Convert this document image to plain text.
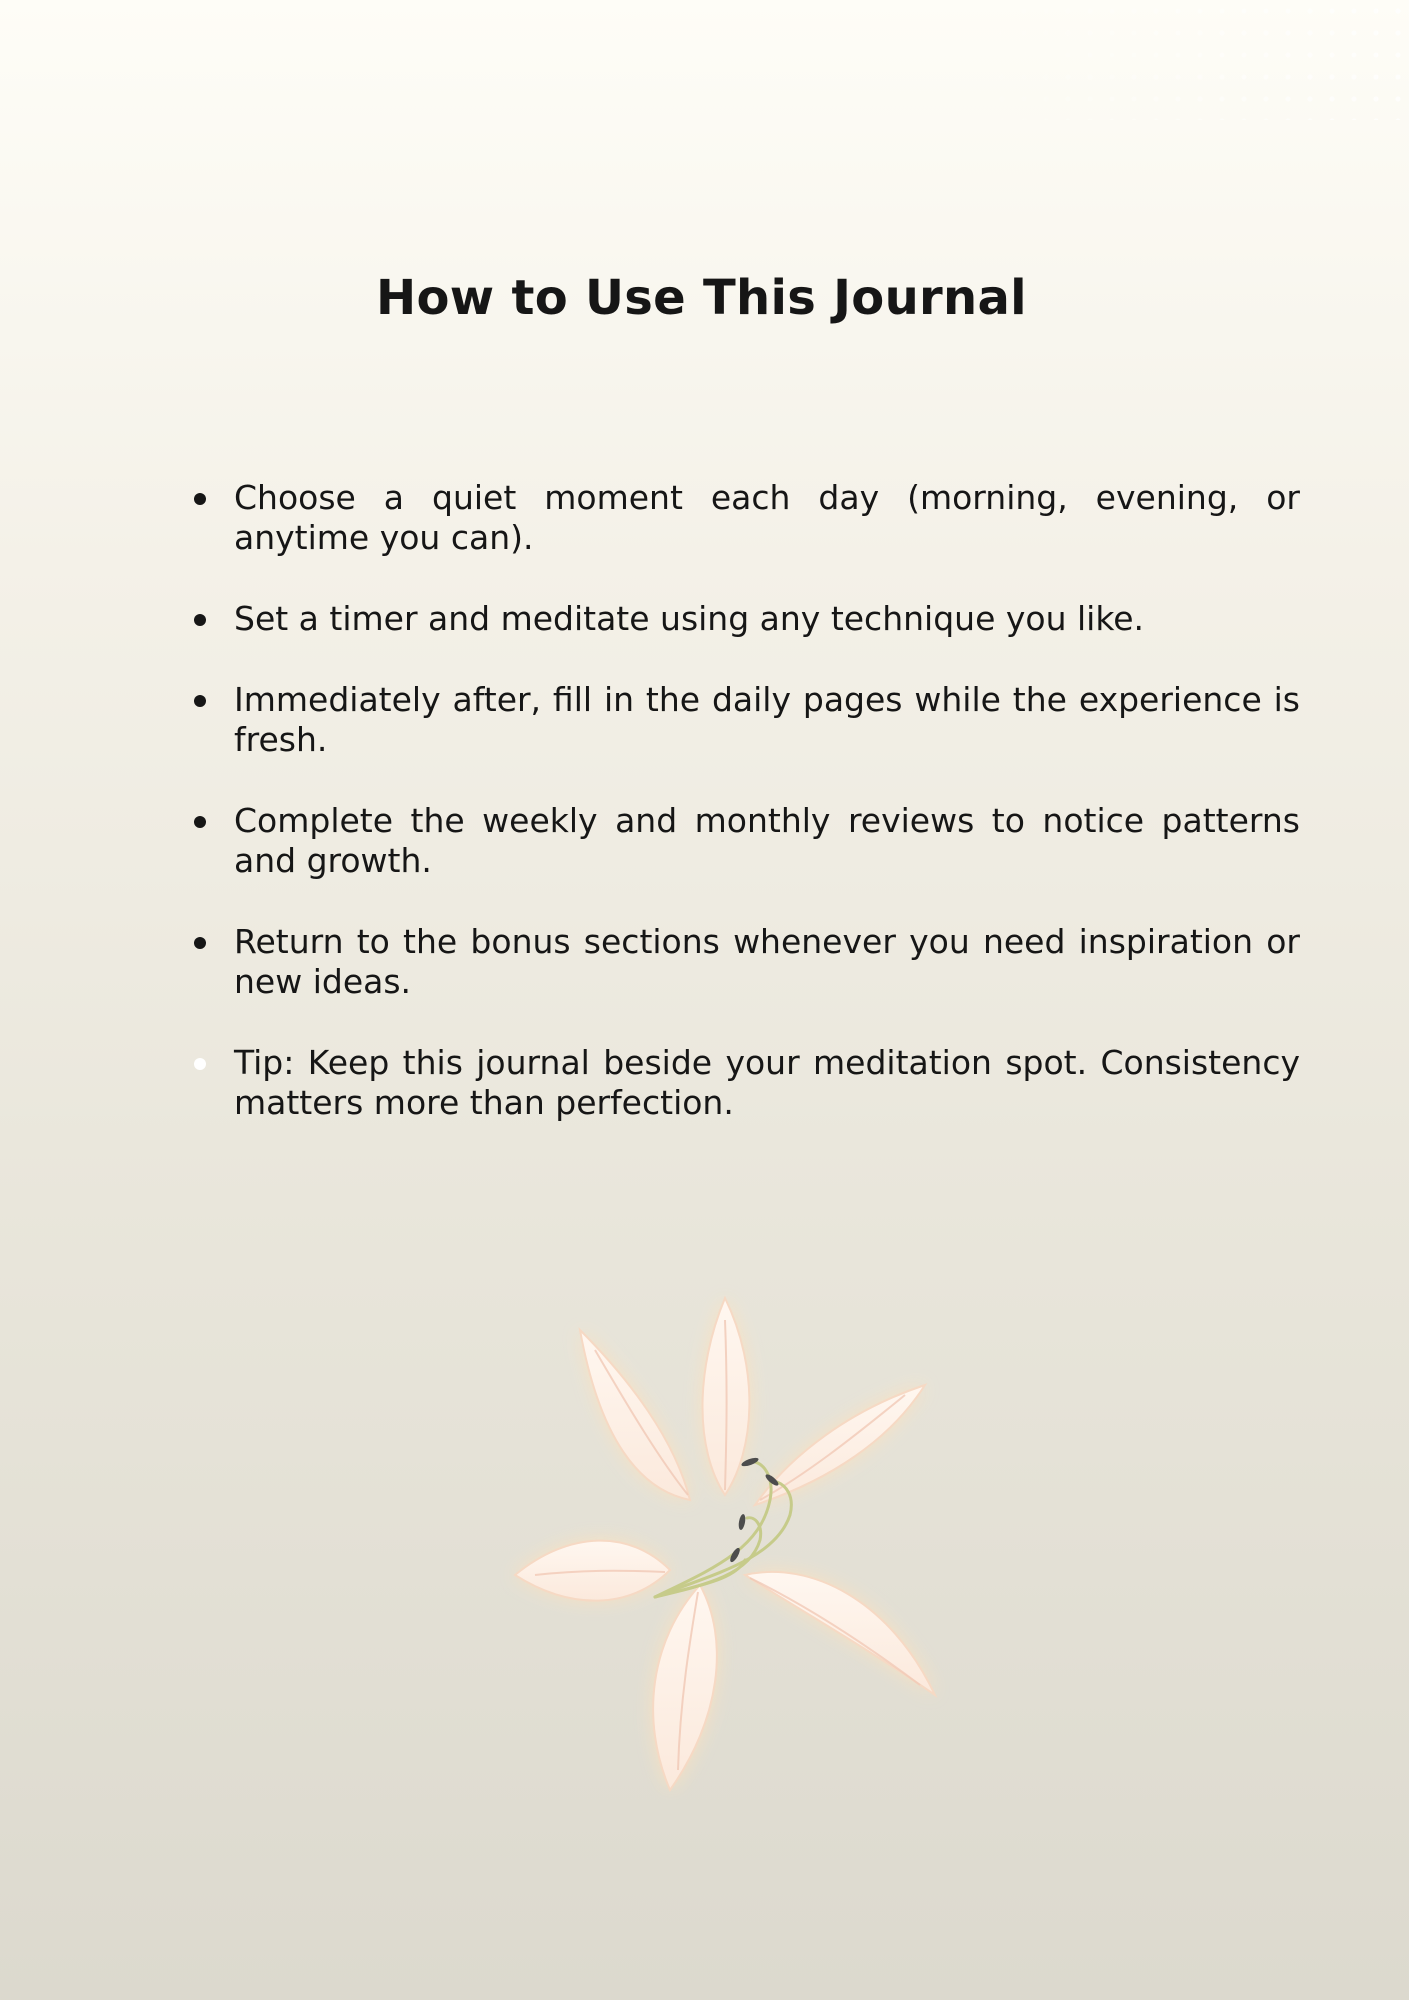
How to Use This Journal
Choose a quiet moment each day (morning, evening, or anytime you can).
Set a timer and meditate using any technique you like.
Immediately after, fill in the daily pages while the experience is fresh.
Complete the weekly and monthly reviews to notice patterns and growth.
Return to the bonus sections whenever you need inspiration or new ideas.
Tip: Keep this journal beside your meditation spot. Consistency matters more than perfection.
